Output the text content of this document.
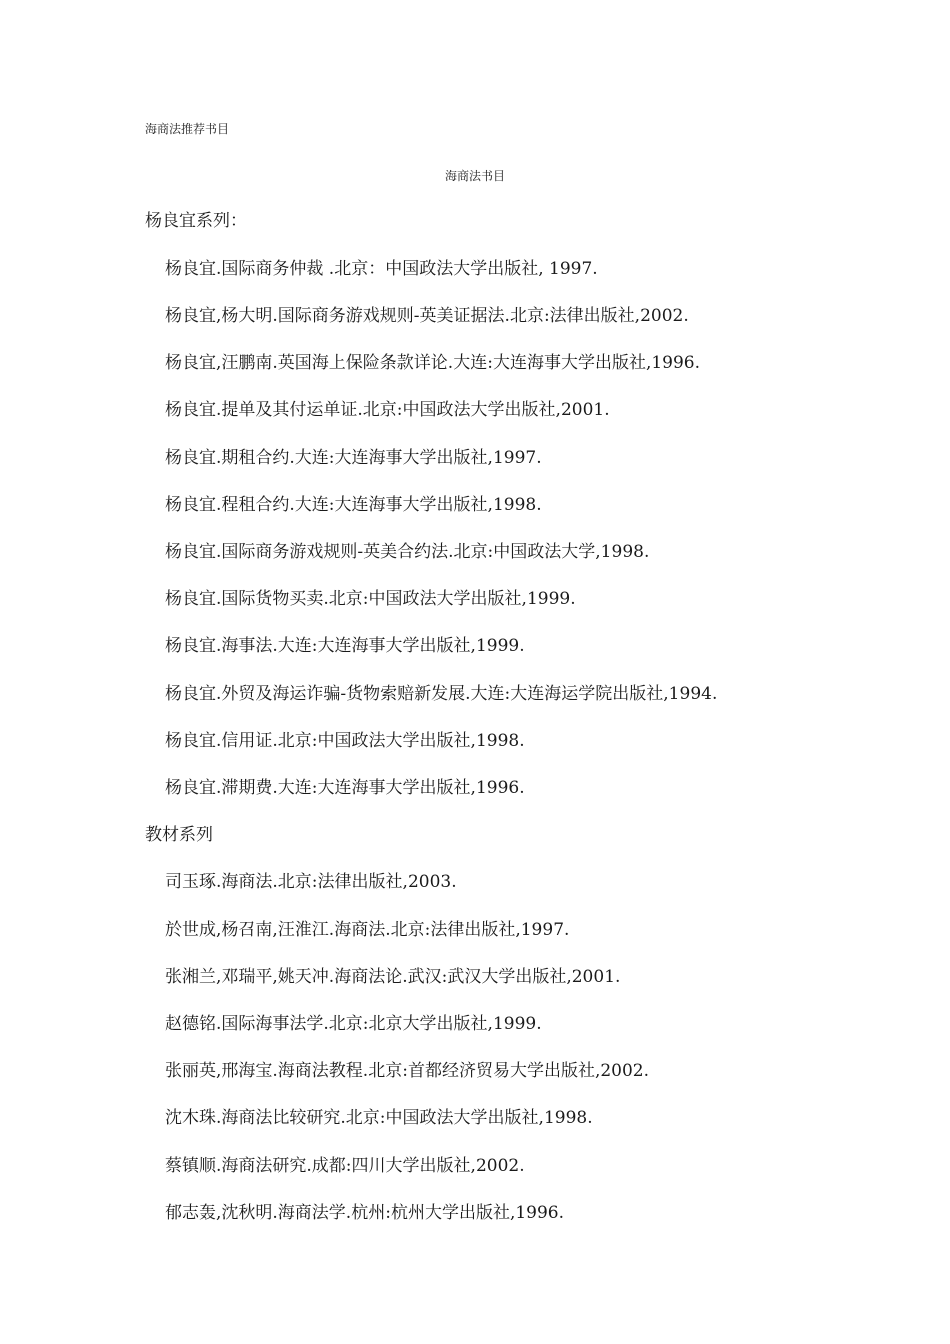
海商法推荐书目
海商法书目
杨良宜系列：
杨良宜.国际商务仲裁 .北京：中国政法大学出版社, 1997.
杨良宜,杨大明.国际商务游戏规则-英美证据法.北京:法律出版社,2002.
杨良宜,汪鹏南.英国海上保险条款详论.大连:大连海事大学出版社,1996.
杨良宜.提单及其付运单证.北京:中国政法大学出版社,2001.
杨良宜.期租合约.大连:大连海事大学出版社,1997.
杨良宜.程租合约.大连:大连海事大学出版社,1998.
杨良宜.国际商务游戏规则-英美合约法.北京:中国政法大学,1998.
杨良宜.国际货物买卖.北京:中国政法大学出版社,1999.
杨良宜.海事法.大连:大连海事大学出版社,1999.
杨良宜.外贸及海运诈骗-货物索赔新发展.大连:大连海运学院出版社,1994.
杨良宜.信用证.北京:中国政法大学出版社,1998.
杨良宜.滞期费.大连:大连海事大学出版社,1996.
教材系列
司玉琢.海商法.北京:法律出版社,2003.
於世成,杨召南,汪淮江.海商法.北京:法律出版社,1997.
张湘兰,邓瑞平,姚天冲.海商法论.武汉:武汉大学出版社,2001.
赵德铭.国际海事法学.北京:北京大学出版社,1999.
张丽英,邢海宝.海商法教程.北京:首都经济贸易大学出版社,2002.
沈木珠.海商法比较研究.北京:中国政法大学出版社,1998.
蔡镇顺.海商法研究.成都:四川大学出版社,2002.
郁志轰,沈秋明.海商法学.杭州:杭州大学出版社,1996.
